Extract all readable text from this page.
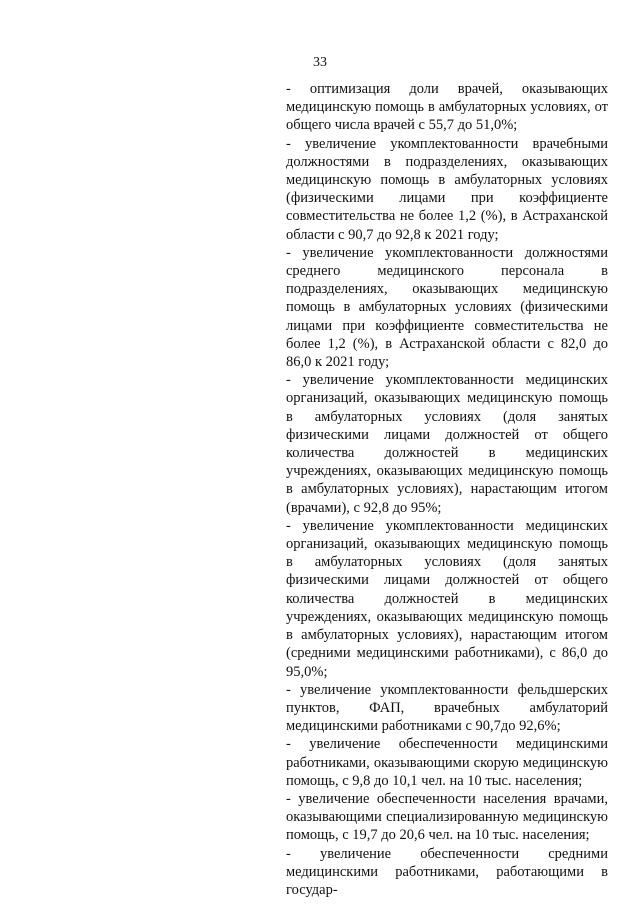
33

- оптимизация доли врачей, оказывающих медицинскую помощь в амбулаторных условиях, от общего числа врачей с 55,7 до 51,0%;

- увеличение укомплектованности врачебными должностями в подразделениях, оказывающих медицинскую помощь в амбулаторных условиях (физическими лицами при коэффициенте совместительства не более 1,2 (%), в Астраханской области с 90,7 до 92,8 к 2021 году;

- увеличение укомплектованности должностями среднего медицинского персонала в подразделениях, оказывающих медицинскую помощь в амбулаторных условиях (физическими лицами при коэффициенте совместительства не более 1,2 (%), в Астраханской области с 82,0 до 86,0 к 2021 году;

- увеличение укомплектованности медицинских организаций, оказывающих медицинскую помощь в амбулаторных условиях (доля занятых физическими лицами должностей от общего количества должностей в медицинских учреждениях, оказывающих медицинскую помощь в амбулаторных условиях), нарастающим итогом (врачами), с 92,8 до 95%;

- увеличение укомплектованности медицинских организаций, оказывающих медицинскую помощь в амбулаторных условиях (доля занятых физическими лицами должностей от общего количества должностей в медицинских учреждениях, оказывающих медицинскую помощь в амбулаторных условиях), нарастающим итогом (средними медицинскими работниками), с 86,0 до 95,0%;

- увеличение укомплектованности фельдшерских пунктов, ФАП, врачебных амбулаторий медицинскими работниками с 90,7до 92,6%;

- увеличение обеспеченности медицинскими работниками, оказывающими скорую медицинскую помощь, с 9,8 до 10,1 чел. на 10 тыс. населения;

- увеличение обеспеченности населения врачами, оказывающими специализированную медицинскую помощь, с 19,7 до 20,6 чел. на 10 тыс. населения;

- увеличение обеспеченности средними медицинскими работниками, работающими в государ-
